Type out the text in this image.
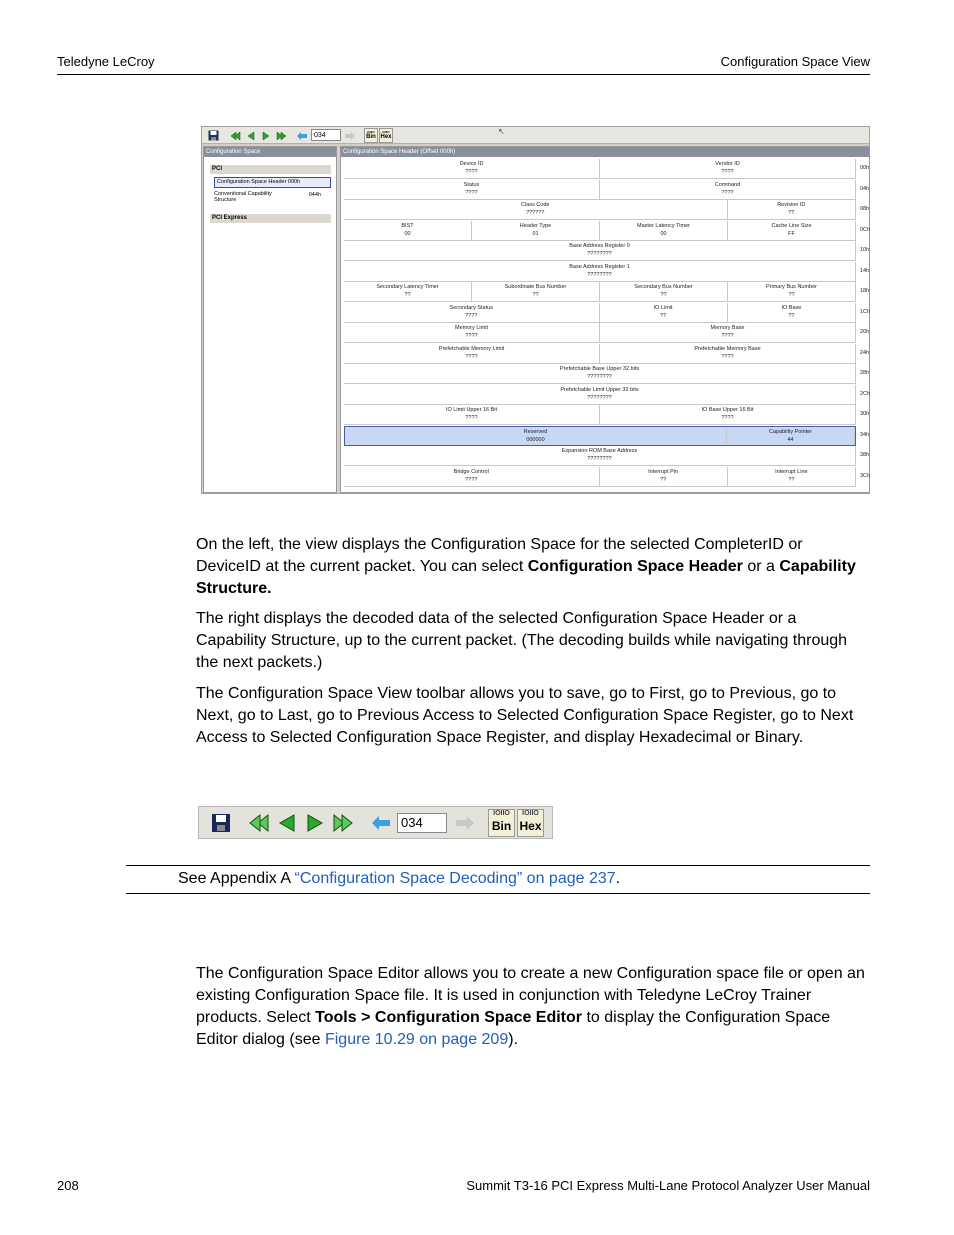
Teledyne LeCroy	Configuration Space View
034	IOIIO
Bin
IOIIO
Hex
↖
Configuration Space
PCI
Configuration Space Header 000h
Conventional Capability Structure
044h
PCI Express
Configuration Space Header (Offset 000h)
Device ID
????
Vendor ID
????
00h
Status
????
Command
????
04h
Class Code
??????
Revision ID
??
08h
BIST
00
Header Type
01
Master Latency Timer
00
Cache Line Size
FF
0Ch
Base Address Register 0
????????
10h
Base Address Register 1
????????
14h
Secondary Latency Timer
??
Subordinate Bus Number
??
Secondary Bus Number
??
Primary Bus Number
??
18h
Secondary Status
????
IO Limit
??
IO Base
??
1Ch
Memory Limit
????
Memory Base
????
20h
Prefetchable Memory Limit
????
Prefetchable Memory Base
????
24h
Prefetchable Base Upper 32 bits
????????
28h
Prefetchable Limit Upper 32 bits
????????
2Ch
IO Limit Upper 16 Bit
????
IO Base Upper 16 Bit
????
30h
Reserved
000000
Capability Pointer
44
34h
Expansion ROM Base Address
????????
38h
Bridge Control
????
Interrupt Pin
??
Interrupt Line
??
3Ch
On the left, the view displays the Configuration Space for the selected CompleterID or DeviceID at the current packet. You can select Configuration Space Header or a Capability Structure.
The right displays the decoded data of the selected Configuration Space Header or a Capability Structure, up to the current packet. (The decoding builds while navigating through the next packets.)
The Configuration Space View toolbar allows you to save, go to First, go to Previous, go to Next, go to Last, go to Previous Access to Selected Configuration Space Register, go to Next Access to Selected Configuration Space Register, and display Hexadecimal or Binary.
034
IOIIO
Bin
IOIIO
Hex
See Appendix A “Configuration Space Decoding” on page 237.
The Configuration Space Editor allows you to create a new Configuration space file or open an existing Configuration Space file. It is used in conjunction with Teledyne LeCroy Trainer products. Select Tools > Configuration Space Editor to display the Configuration Space Editor dialog (see Figure 10.29 on page 209).
208	Summit T3-16 PCI Express Multi-Lane Protocol Analyzer User Manual
